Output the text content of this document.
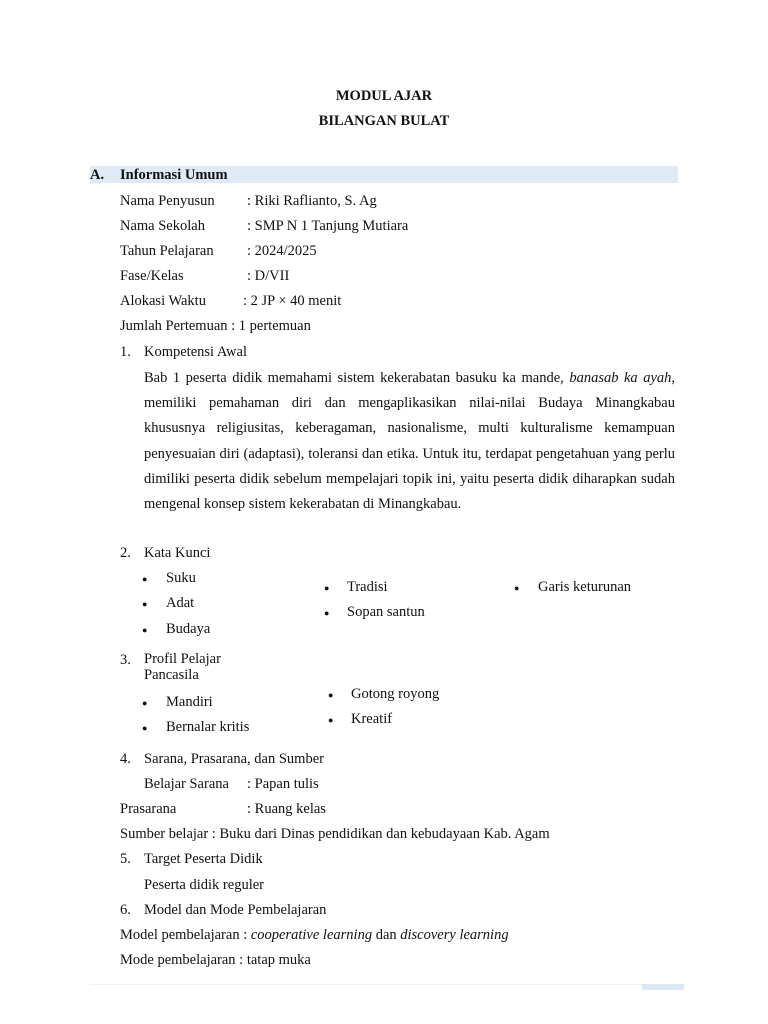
MODUL AJAR
BILANGAN BULAT
A. Informasi Umum
Nama Penyusun : Riki Raflianto, S. Ag
Nama Sekolah	: SMP N 1 Tanjung Mutiara
Tahun Pelajaran : 2024/2025
Fase/Kelas	: D/VII
Alokasi Waktu	: 2 JP × 40 menit
Jumlah Pertemuan : 1 pertemuan
1. Kompetensi Awal
Bab 1 peserta didik memahami sistem kekerabatan basuku ka mande, banasab ka ayah, memiliki pemahaman diri dan mengaplikasikan nilai-nilai Budaya Minangkabau khususnya religiusitas, keberagaman, nasionalisme, multi kulturalisme kemampuan penyesuaian diri (adaptasi), toleransi dan etika. Untuk itu, terdapat pengetahuan yang perlu dimiliki peserta didik sebelum mempelajari topik ini, yaitu peserta didik diharapkan sudah mengenal konsep sistem kekerabatan di Minangkabau.
2. Kata Kunci
● Suku
● Adat
● Budaya
● Tradisi
● Sopan santun
● Garis keturunan
3. Profil Pelajar
Pancasila
● Mandiri
● Bernalar kritis
● Gotong royong
● Kreatif
4. Sarana, Prasarana, dan Sumber
Belajar Sarana : Papan tulis
Prasarana	: Ruang kelas
Sumber belajar : Buku dari Dinas pendidikan dan kebudayaan Kab. Agam
5. Target Peserta Didik
Peserta didik reguler
6. Model dan Mode Pembelajaran
Model pembelajaran : cooperative learning dan discovery learning
Mode pembelajaran : tatap muka
